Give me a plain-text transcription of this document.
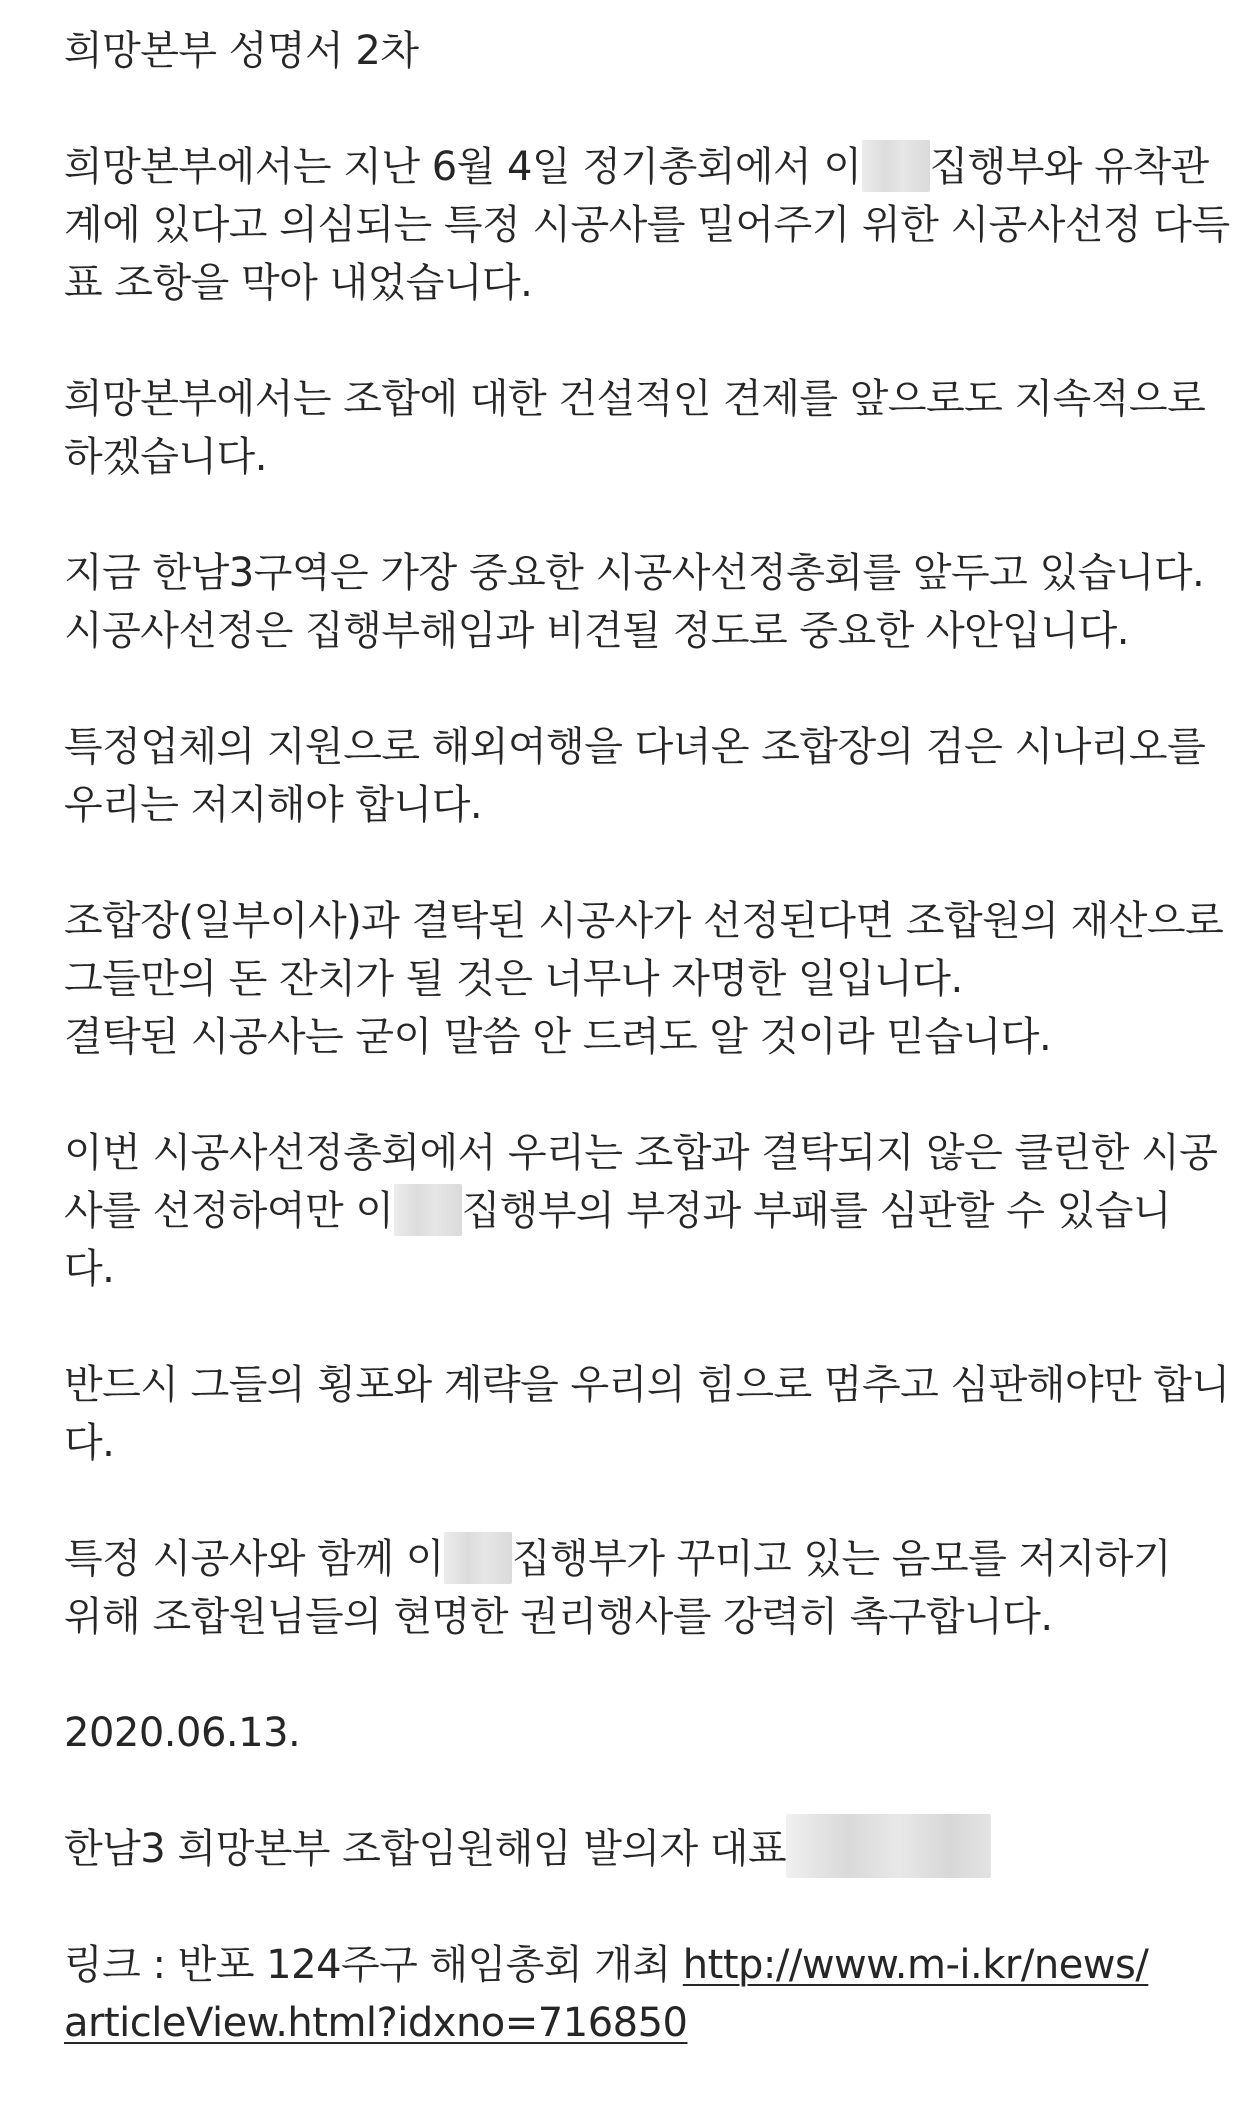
희망본부 성명서 2차
희망본부에서는 지난 6월 4일 정기총회에서 이 집행부와 유착관
계에 있다고 의심되는 특정 시공사를 밀어주기 위한 시공사선정 다득
표 조항을 막아 내었습니다.
희망본부에서는 조합에 대한 건설적인 견제를 앞으로도 지속적으로
하겠습니다.
지금 한남3구역은 가장 중요한 시공사선정총회를 앞두고 있습니다.
시공사선정은 집행부해임과 비견될 정도로 중요한 사안입니다.
특정업체의 지원으로 해외여행을 다녀온 조합장의 검은 시나리오를
우리는 저지해야 합니다.
조합장(일부이사)과 결탁된 시공사가 선정된다면 조합원의 재산으로
그들만의 돈 잔치가 될 것은 너무나 자명한 일입니다.
결탁된 시공사는 굳이 말씀 안 드려도 알 것이라 믿습니다.
이번 시공사선정총회에서 우리는 조합과 결탁되지 않은 클린한 시공
사를 선정하여만 이 집행부의 부정과 부패를 심판할 수 있습니
다.
반드시 그들의 횡포와 계략을 우리의 힘으로 멈추고 심판해야만 합니
다.
특정 시공사와 함께 이 집행부가 꾸미고 있는 음모를 저지하기
위해 조합원님들의 현명한 권리행사를 강력히 촉구합니다.
2020.06.13.
한남3 희망본부 조합임원해임 발의자 대표
링크 : 반포 124주구 해임총회 개최 http://www.m-i.kr/news/
articleView.html?idxno=716850
